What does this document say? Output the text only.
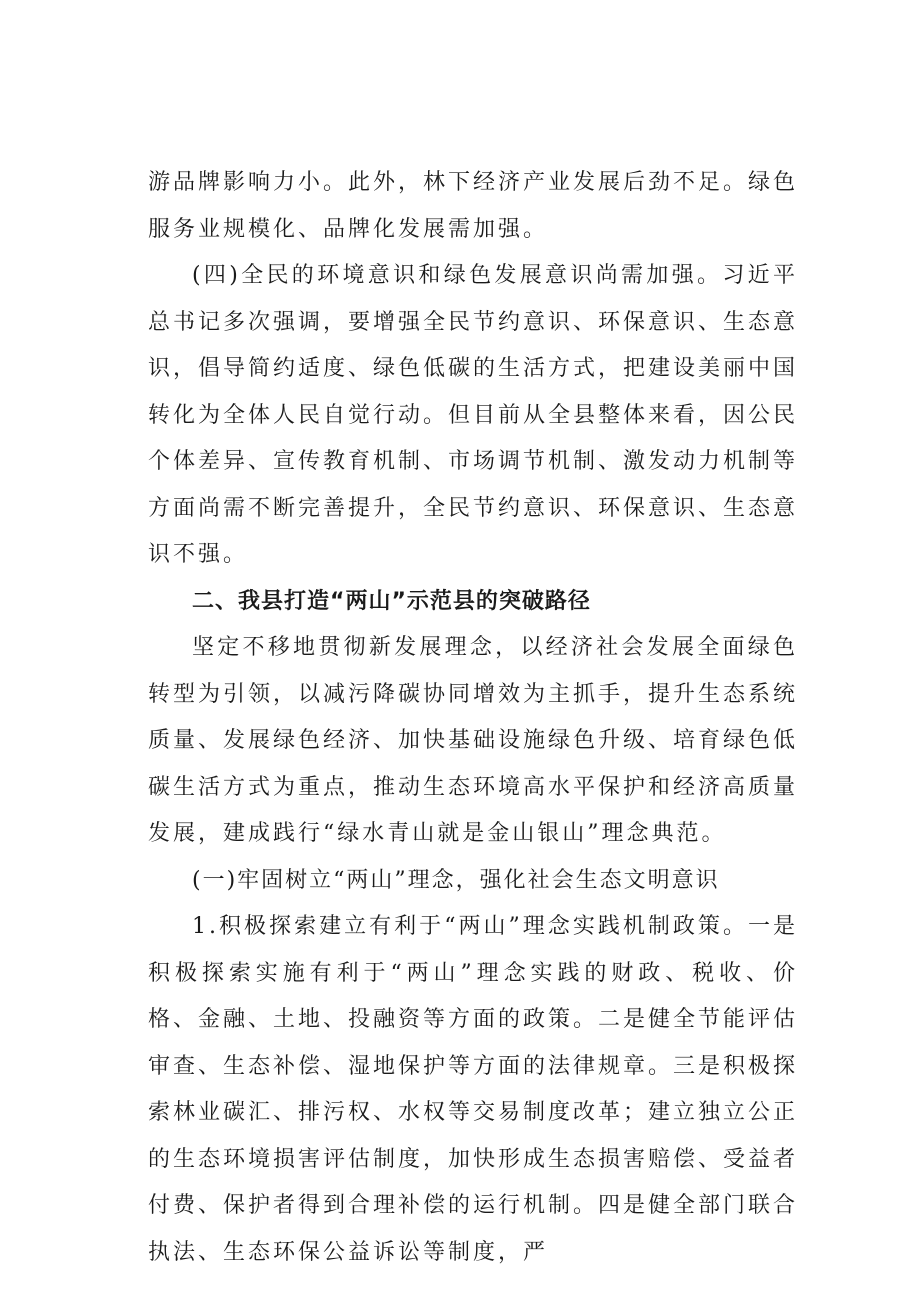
游品牌影响力小。此外，林下经济产业发展后劲不足。绿色服务业规模化、品牌化发展需加强。

(四)全民的环境意识和绿色发展意识尚需加强。习近平总书记多次强调，要增强全民节约意识、环保意识、生态意识，倡导简约适度、绿色低碳的生活方式，把建设美丽中国转化为全体人民自觉行动。但目前从全县整体来看，因公民个体差异、宣传教育机制、市场调节机制、激发动力机制等方面尚需不断完善提升，全民节约意识、环保意识、生态意识不强。

二、我县打造“两山”示范县的突破路径

坚定不移地贯彻新发展理念，以经济社会发展全面绿色转型为引领，以减污降碳协同增效为主抓手，提升生态系统质量、发展绿色经济、加快基础设施绿色升级、培育绿色低碳生活方式为重点，推动生态环境高水平保护和经济高质量发展，建成践行“绿水青山就是金山银山”理念典范。

(一)牢固树立“两山”理念，强化社会生态文明意识

1.积极探索建立有利于“两山”理念实践机制政策。一是积极探索实施有利于“两山”理念实践的财政、税收、价格、金融、土地、投融资等方面的政策。二是健全节能评估审查、生态补偿、湿地保护等方面的法律规章。三是积极探索林业碳汇、排污权、水权等交易制度改革；建立独立公正的生态环境损害评估制度，加快形成生态损害赔偿、受益者付费、保护者得到合理补偿的运行机制。四是健全部门联合执法、生态环保公益诉讼等制度，严
